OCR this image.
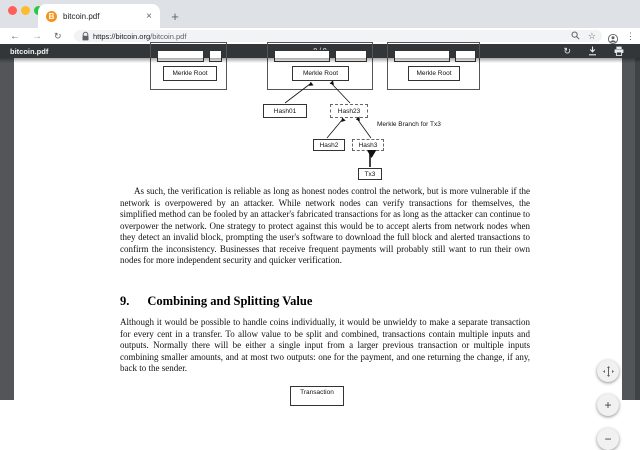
B	bitcoin.pdf	×	+
← → ↻	https://bitcoin.org/bitcoin.pdf	☆	⋮
bitcoin.pdf	↻
Merkle Root	Merkle Root	Merkle Root
Hash01	Hash23
Merkle Branch for Tx3
Hash2	Hash3
Tx3

As such, the verification is reliable as long as honest nodes control the network, but is more vulnerable if the network is overpowered by an attacker. While network nodes can verify transactions for themselves, the simplified method can be fooled by an attacker's fabricated transactions for as long as the attacker can continue to overpower the network. One strategy to protect against this would be to accept alerts from network nodes when they detect an invalid block, prompting the user's software to download the full block and alerted transactions to confirm the inconsistency. Businesses that receive frequent payments will probably still want to run their own nodes for more independent security and quicker verification.

9. Combining and Splitting Value

Although it would be possible to handle coins individually, it would be unwieldy to make a separate transaction for every cent in a transfer. To allow value to be split and combined, transactions contain multiple inputs and outputs. Normally there will be either a single input from a larger previous transaction or multiple inputs combining smaller amounts, and at most two outputs: one for the payment, and one returning the change, if any, back to the sender.

Transaction
+
−
